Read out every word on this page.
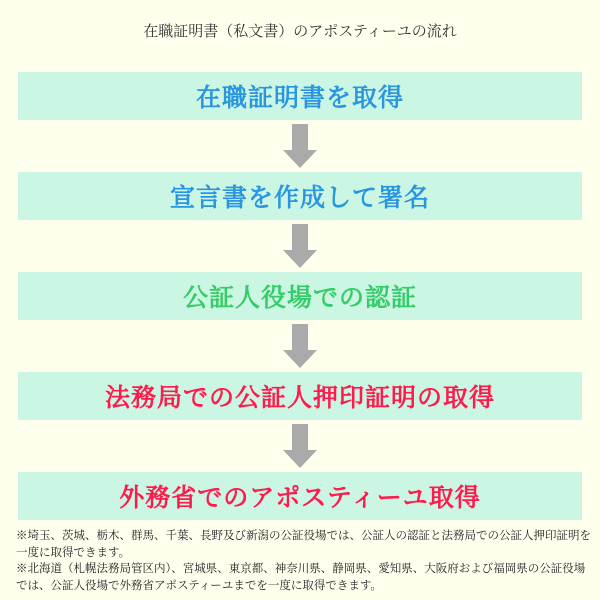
在職証明書（私文書）のアポスティーユの流れ
在職証明書を取得
宣言書を作成して署名
公証人役場での認証
法務局での公証人押印証明の取得
外務省でのアポスティーユ取得
※埼玉、茨城、栃木、群馬、千葉、長野及び新潟の公証役場では、公証人の認証と法務局での公証人押印証明を一度に取得できます。
※北海道（札幌法務局管区内）、宮城県、東京都、神奈川県、静岡県、愛知県、大阪府および福岡県の公証役場では、公証人役場で外務省アポスティーユまでを一度に取得できます。
